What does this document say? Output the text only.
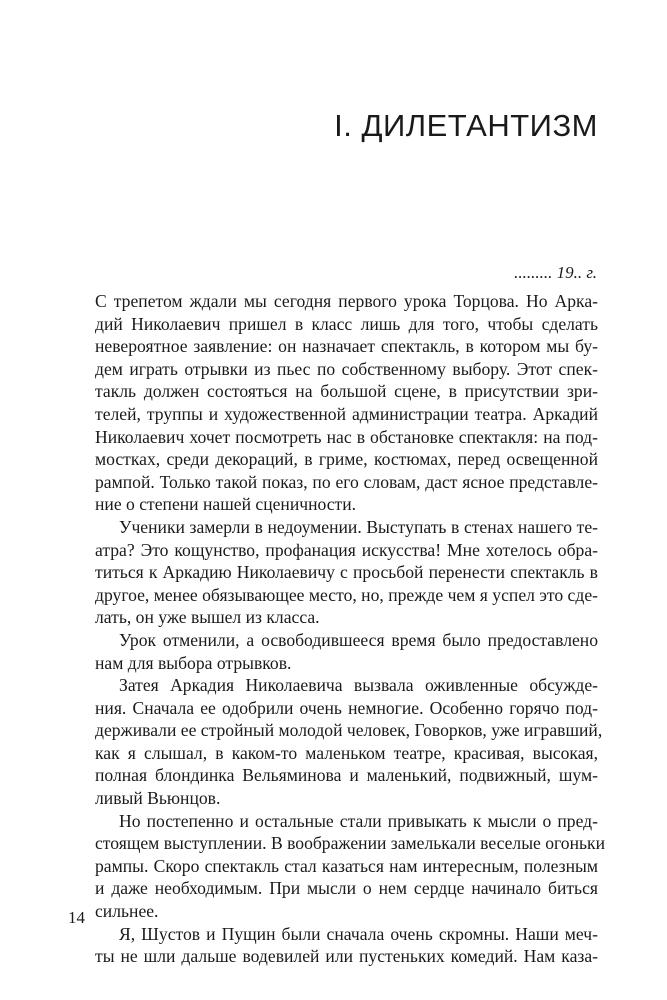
I. ДИЛЕТАНТИЗМ

......... 19.. г.

С трепетом ждали мы сегодня первого урока Торцова. Но Арка-
дий Николаевич пришел в класс лишь для того, чтобы сделать
невероятное заявление: он назначает спектакль, в котором мы бу-
дем играть отрывки из пьес по собственному выбору. Этот спек-
такль должен состояться на большой сцене, в присутствии зри-
телей, труппы и художественной администрации театра. Аркадий
Николаевич хочет посмотреть нас в обстановке спектакля: на под-
мостках, среди декораций, в гриме, костюмах, перед освещенной
рампой. Только такой показ, по его словам, даст ясное представле-
ние о степени нашей сценичности.
Ученики замерли в недоумении. Выступать в стенах нашего те-
атра? Это кощунство, профанация искусства! Мне хотелось обра-
титься к Аркадию Николаевичу с просьбой перенести спектакль в
другое, менее обязывающее место, но, прежде чем я успел это сде-
лать, он уже вышел из класса.
Урок отменили, а освободившееся время было предоставлено
нам для выбора отрывков.
Затея Аркадия Николаевича вызвала оживленные обсужде-
ния. Сначала ее одобрили очень немногие. Особенно горячо под-
держивали ее стройный молодой человек, Говорков, уже игравший,
как я слышал, в каком-то маленьком театре, красивая, высокая,
полная блондинка Вельяминова и маленький, подвижный, шум-
ливый Вьюнцов.
Но постепенно и остальные стали привыкать к мысли о пред-
стоящем выступлении. В воображении замелькали веселые огоньки
рампы. Скоро спектакль стал казаться нам интересным, полезным
и даже необходимым. При мысли о нем сердце начинало биться
сильнее.
Я, Шустов и Пущин были сначала очень скромны. Наши меч-
ты не шли дальше водевилей или пустеньких комедий. Нам каза-

14
